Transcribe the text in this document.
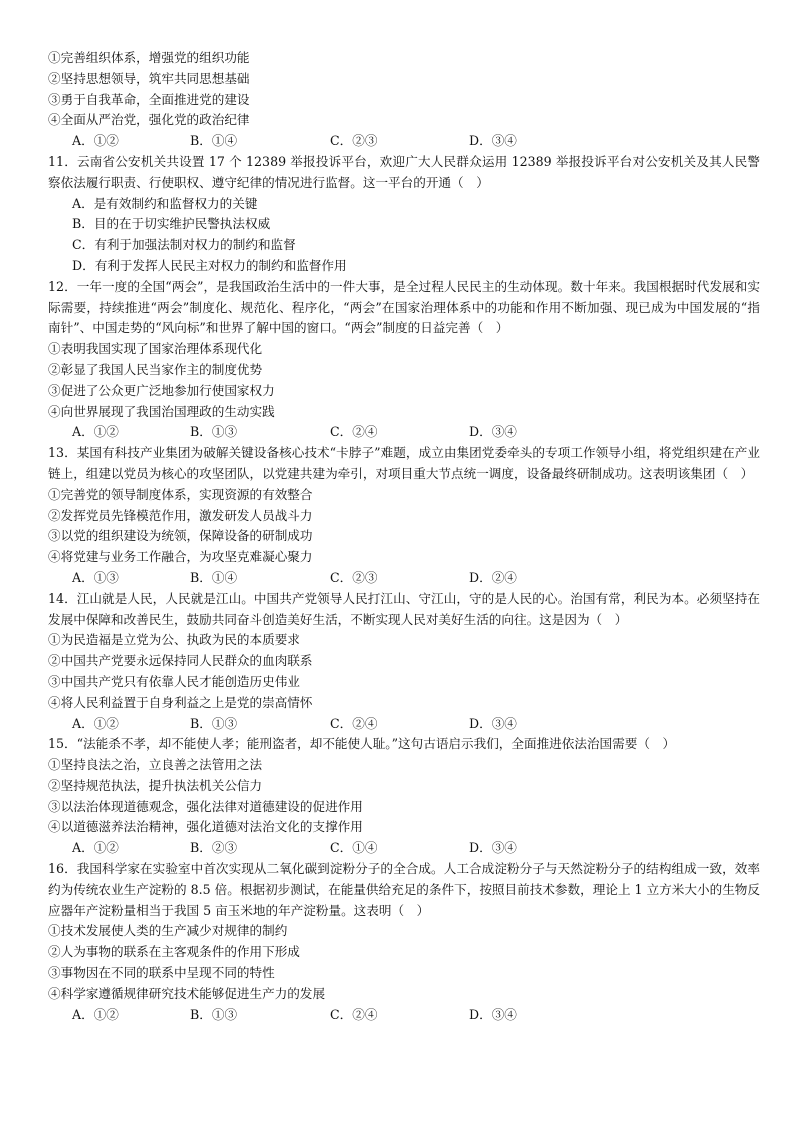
①完善组织体系，增强党的组织功能
②坚持思想领导，筑牢共同思想基础
③勇于自我革命，全面推进党的建设
④全面从严治党，强化党的政治纪律
A．①②	B．①④	C．②③	D．③④
11．云南省公安机关共设置 17 个 12389 举报投诉平台，欢迎广大人民群众运用 12389 举报投诉平台对公安机关及其人民警察依法履行职责、行使职权、遵守纪律的情况进行监督。这一平台的开通（　）
A．是有效制约和监督权力的关键
B．目的在于切实维护民警执法权威
C．有利于加强法制对权力的制约和监督
D．有利于发挥人民民主对权力的制约和监督作用
12．一年一度的全国“两会”，是我国政治生活中的一件大事，是全过程人民民主的生动体现。数十年来。我国根据时代发展和实际需要，持续推进“两会”制度化、规范化、程序化，“两会”在国家治理体系中的功能和作用不断加强、现已成为中国发展的“指南针”、中国走势的“风向标”和世界了解中国的窗口。“两会”制度的日益完善（　）
①表明我国实现了国家治理体系现代化
②彰显了我国人民当家作主的制度优势
③促进了公众更广泛地参加行使国家权力
④向世界展现了我国治国理政的生动实践
A．①②	B．①③	C．②④	D．③④
13．某国有科技产业集团为破解关键设备核心技术“卡脖子”难题，成立由集团党委牵头的专项工作领导小组，将党组织建在产业链上，组建以党员为核心的攻坚团队，以党建共建为牵引，对项目重大节点统一调度，设备最终研制成功。这表明该集团（　）
①完善党的领导制度体系，实现资源的有效整合
②发挥党员先锋模范作用，激发研发人员战斗力
③以党的组织建设为统领，保障设备的研制成功
④将党建与业务工作融合，为攻坚克难凝心聚力
A．①③	B．①④	C．②③	D．②④
14．江山就是人民，人民就是江山。中国共产党领导人民打江山、守江山，守的是人民的心。治国有常，利民为本。必须坚持在发展中保障和改善民生，鼓励共同奋斗创造美好生活，不断实现人民对美好生活的向往。这是因为（　）
①为民造福是立党为公、执政为民的本质要求
②中国共产党要永远保持同人民群众的血肉联系
③中国共产党只有依靠人民才能创造历史伟业
④将人民利益置于自身利益之上是党的崇高情怀
A．①②	B．①③	C．②④	D．③④
15．“法能杀不孝，却不能使人孝；能刑盗者，却不能使人耻。”这句古语启示我们，全面推进依法治国需要（　）
①坚持良法之治，立良善之法管用之法
②坚持规范执法，提升执法机关公信力
③以法治体现道德观念，强化法律对道德建设的促进作用
④以道德滋养法治精神，强化道德对法治文化的支撑作用
A．①②	B．②③	C．①④	D．③④
16．我国科学家在实验室中首次实现从二氧化碳到淀粉分子的全合成。人工合成淀粉分子与天然淀粉分子的结构组成一致，效率约为传统农业生产淀粉的 8.5 倍。根据初步测试，在能量供给充足的条件下，按照目前技术参数，理论上 1 立方米大小的生物反应器年产淀粉量相当于我国 5 亩玉米地的年产淀粉量。这表明（　）
①技术发展使人类的生产减少对规律的制约
②人为事物的联系在主客观条件的作用下形成
③事物因在不同的联系中呈现不同的特性
④科学家遵循规律研究技术能够促进生产力的发展
A．①②	B．①③	C．②④	D．③④
